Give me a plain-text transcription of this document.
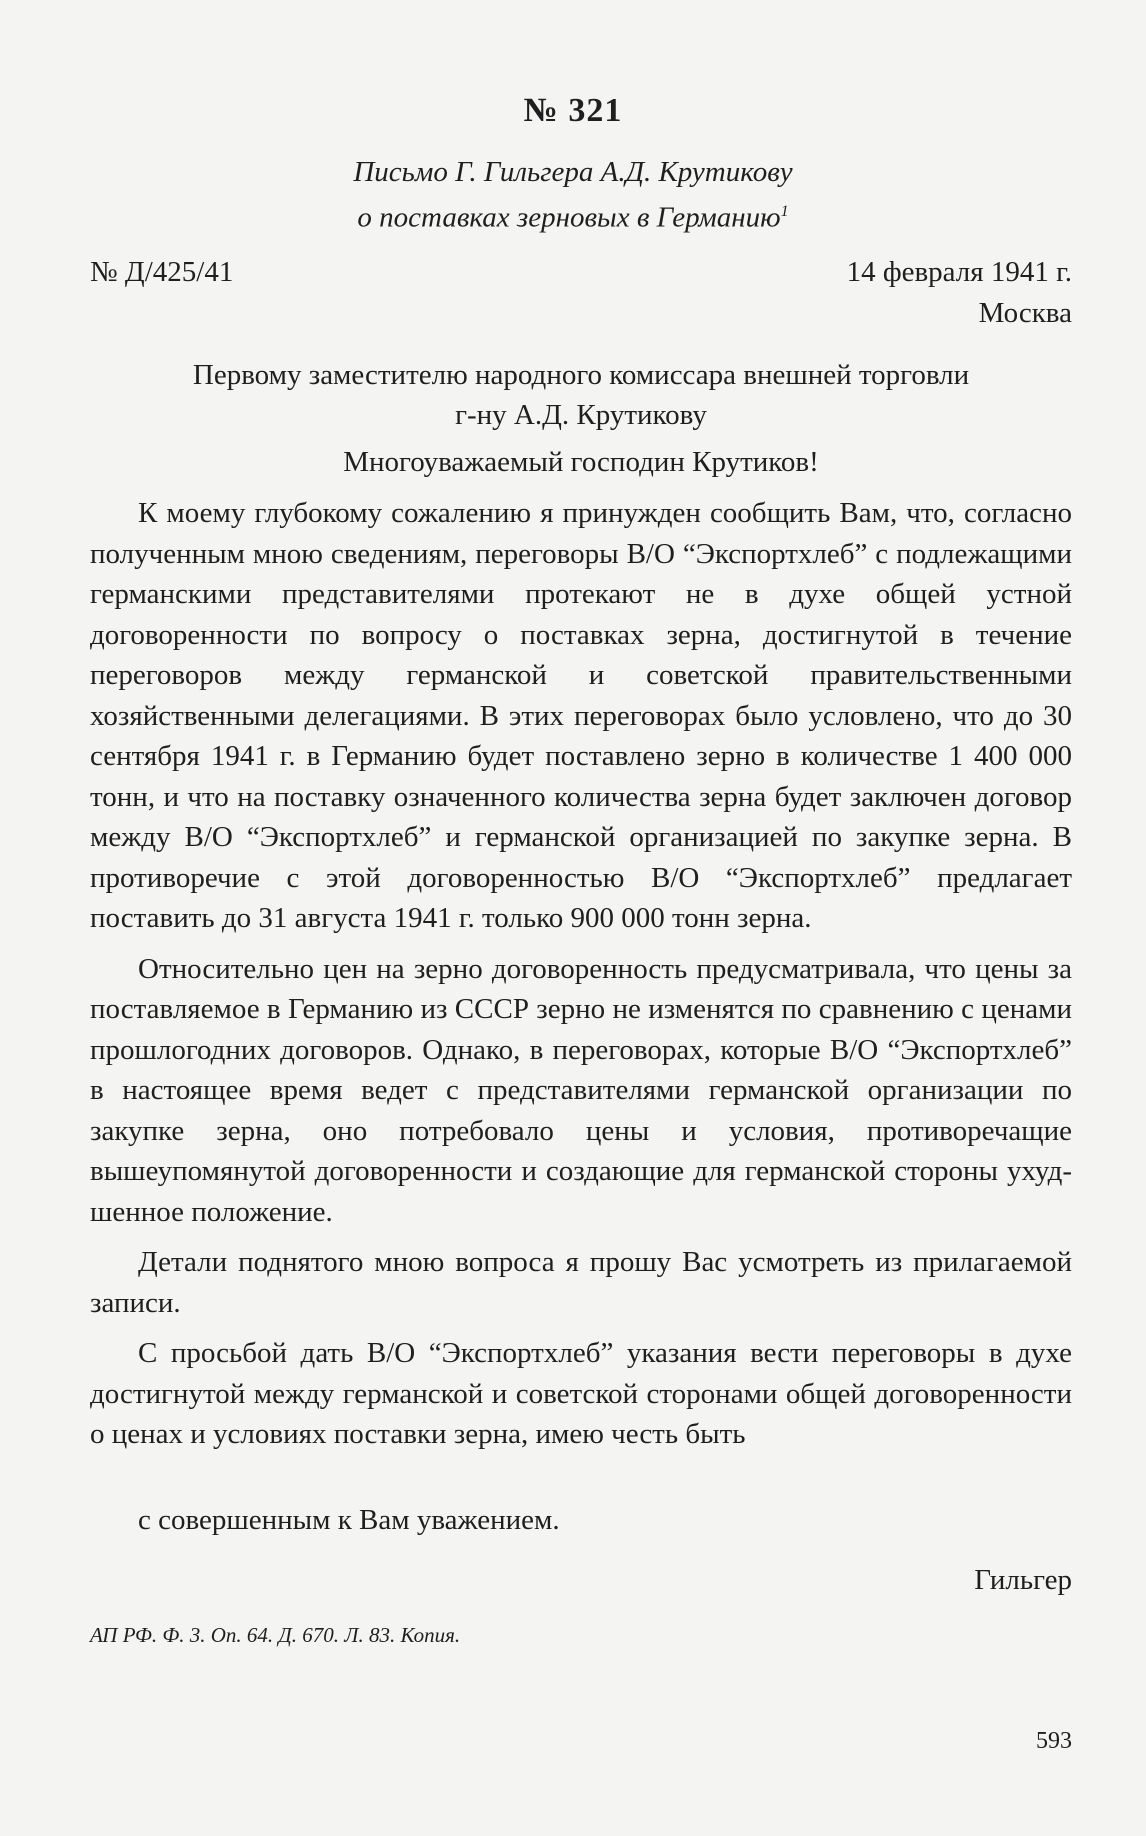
№ 321
Письмо Г. Гильгера А.Д. Крутикову
о поставках зерновых в Германию$^1$
№ Д/425/41	14 февраля 1941 г.
Москва
Первому заместителю народного комиссара внешней торговли
г-ну А.Д. Крутикову
Многоуважаемый господин Крутиков!

К моему глубокому сожалению я принужден сообщить Вам, что, согласно полученным мною сведениям, переговоры В/О “Экспортхлеб” с подлежащими германскими представителями протекают не в духе общей устной договоренности по вопросу о поставках зерна, достигнутой в течение переговоров между германской и советской правительственными хозяйственными делегациями. В этих переговорах было условлено, что до 30 сентября 1941 г. в Германию будет поставлено зерно в количестве 1 400 000 тонн, и что на поставку означенного количества зерна будет заключен договор между В/О “Экспортхлеб” и германской организацией по закупке зерна. В противоречие с этой договоренностью В/О “Экспортхлеб” предлагает поставить до 31 августа 1941 г. только 900 000 тонн зерна.

Относительно цен на зерно договоренность предусматривала, что цены за поставляемое в Германию из СССР зерно не изменятся по сравнению с ценами прошлогодних договоров. Однако, в переговорах, которые В/О “Экспортхлеб” в настоящее время ведет с представителями германской организации по закупке зерна, оно потребовало цены и условия, противоречащие вышеупомянутой договоренности и создающие для германской стороны ухудшенное положение.

Детали поднятого мною вопроса я прошу Вас усмотреть из прилагаемой записи.

С просьбой дать В/О “Экспортхлеб” указания вести переговоры в духе достигнутой между германской и советской сторонами общей договоренности о ценах и условиях поставки зерна, имею честь быть

с совершенным к Вам уважением.
Гильгер
АП РФ. Ф. 3. Оп. 64. Д. 670. Л. 83. Копия.
593
